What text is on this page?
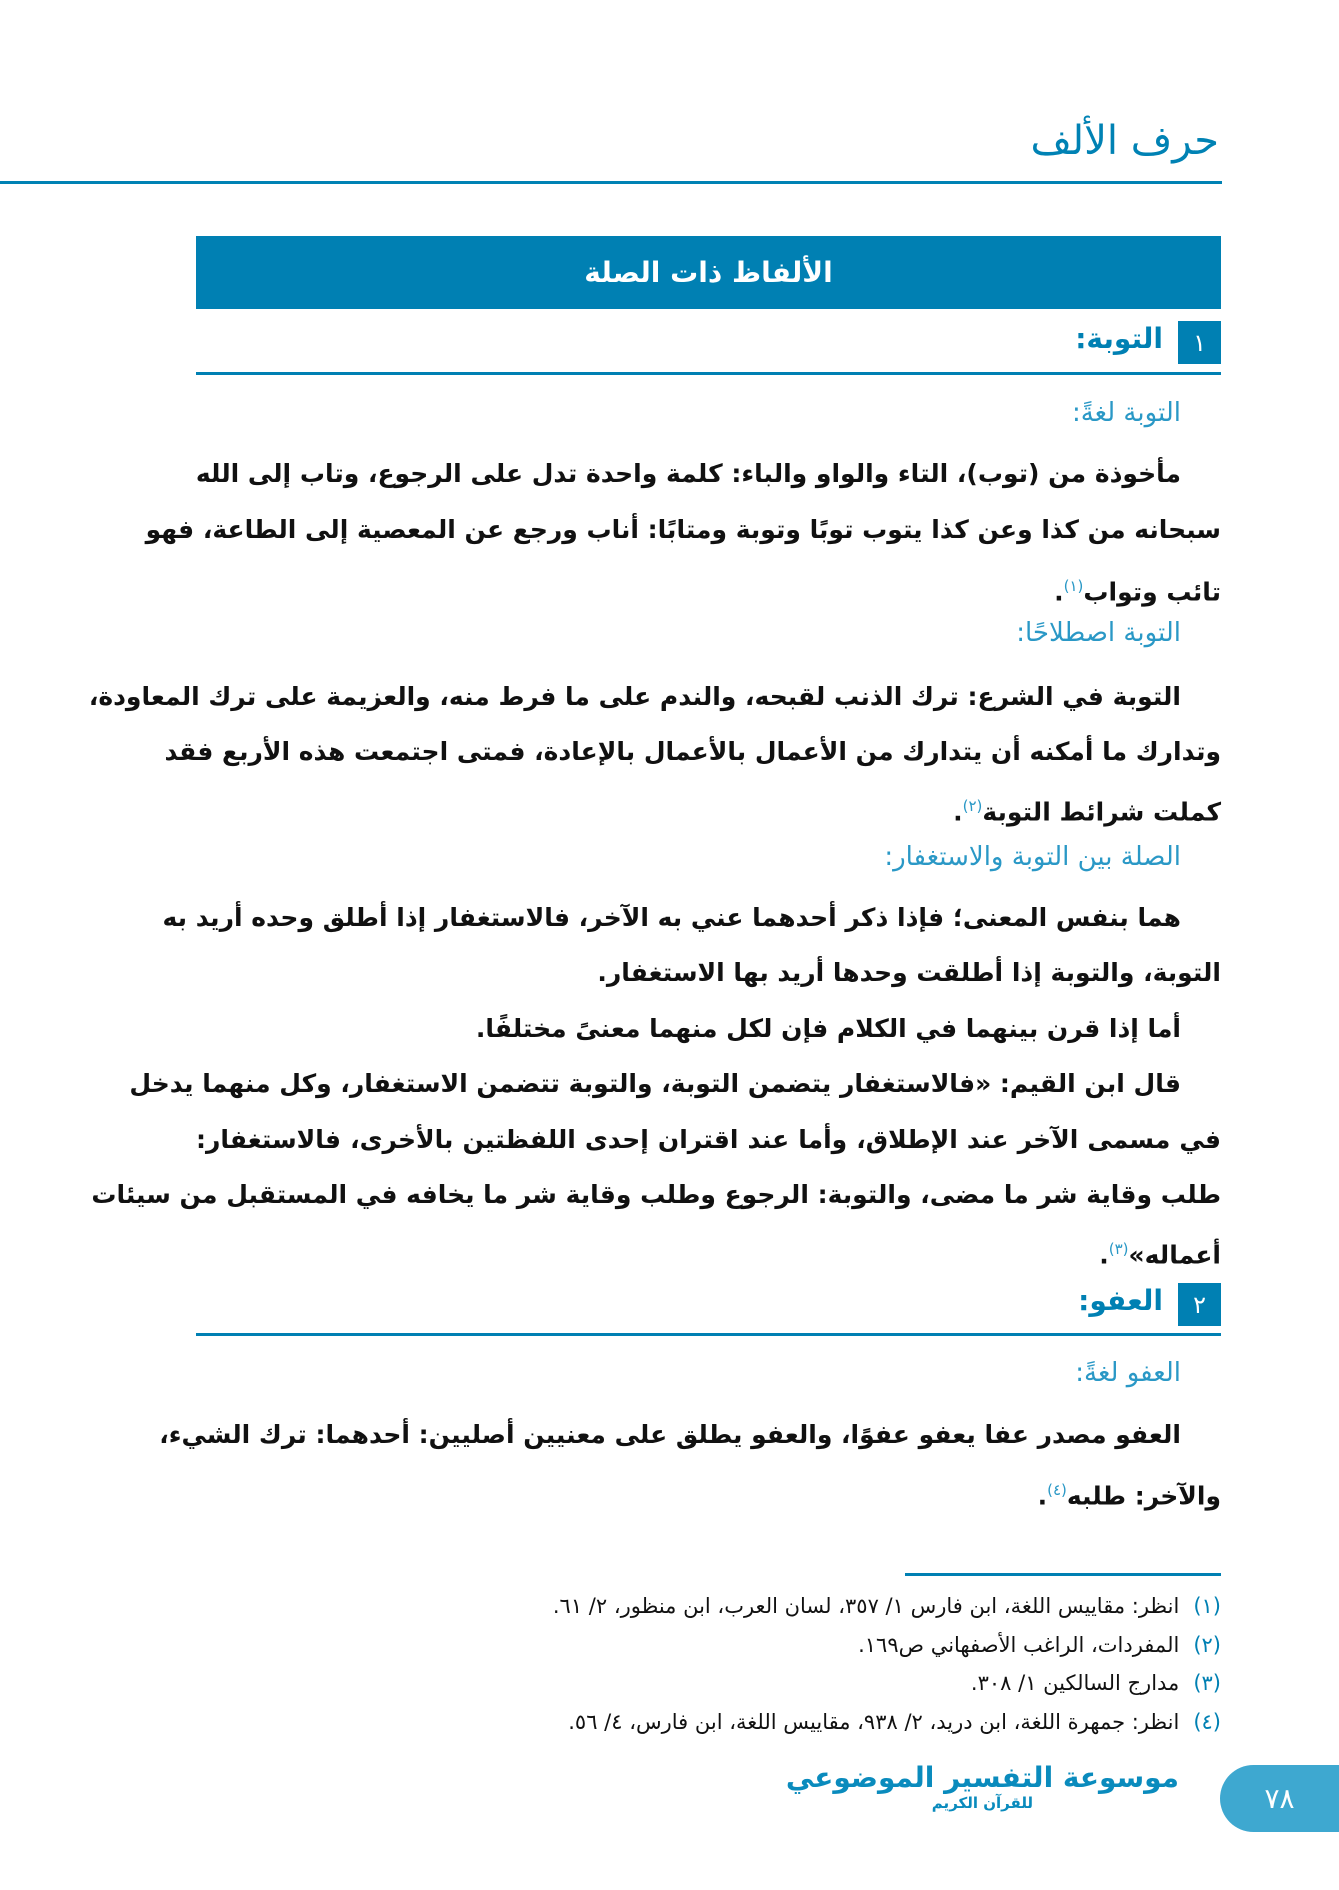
حرف الألف
الألفاظ ذات الصلة
١
التوبة:
التوبة لغةً:
مأخوذة من (توب)، التاء والواو والباء: كلمة واحدة تدل على الرجوع، وتاب إلى الله
سبحانه من كذا وعن كذا يتوب توبًا وتوبة ومتابًا: أناب ورجع عن المعصية إلى الطاعة، فهو
تائب وتواب$^{(١)}$.
التوبة اصطلاحًا:
التوبة في الشرع: ترك الذنب لقبحه، والندم على ما فرط منه، والعزيمة على ترك المعاودة،
وتدارك ما أمكنه أن يتدارك من الأعمال بالأعمال بالإعادة، فمتى اجتمعت هذه الأربع فقد
كملت شرائط التوبة$^{(٢)}$.
الصلة بين التوبة والاستغفار:
هما بنفس المعنى؛ فإذا ذكر أحدهما عني به الآخر، فالاستغفار إذا أطلق وحده أريد به
التوبة، والتوبة إذا أطلقت وحدها أريد بها الاستغفار.
أما إذا قرن بينهما في الكلام فإن لكل منهما معنىً مختلفًا.
قال ابن القيم: «فالاستغفار يتضمن التوبة، والتوبة تتضمن الاستغفار، وكل منهما يدخل
في مسمى الآخر عند الإطلاق، وأما عند اقتران إحدى اللفظتين بالأخرى، فالاستغفار:
طلب وقاية شر ما مضى، والتوبة: الرجوع وطلب وقاية شر ما يخافه في المستقبل من سيئات
أعماله»$^{(٣)}$.
٢
العفو:
العفو لغةً:
العفو مصدر عفا يعفو عفوًا، والعفو يطلق على معنيين أصليين: أحدهما: ترك الشيء،
والآخر: طلبه$^{(٤)}$.
(١)انظر: مقاييس اللغة، ابن فارس ١/ ٣٥٧، لسان العرب، ابن منظور، ٢/ ٦١.
(٢)المفردات، الراغب الأصفهاني ص١٦٩.
(٣)مدارج السالكين ١/ ٣٠٨.
(٤)انظر: جمهرة اللغة، ابن دريد، ٢/ ٩٣٨، مقاييس اللغة، ابن فارس، ٤/ ٥٦.
موسوعة التفسير الموضوعي
للقرآن الكريم	٧٨
